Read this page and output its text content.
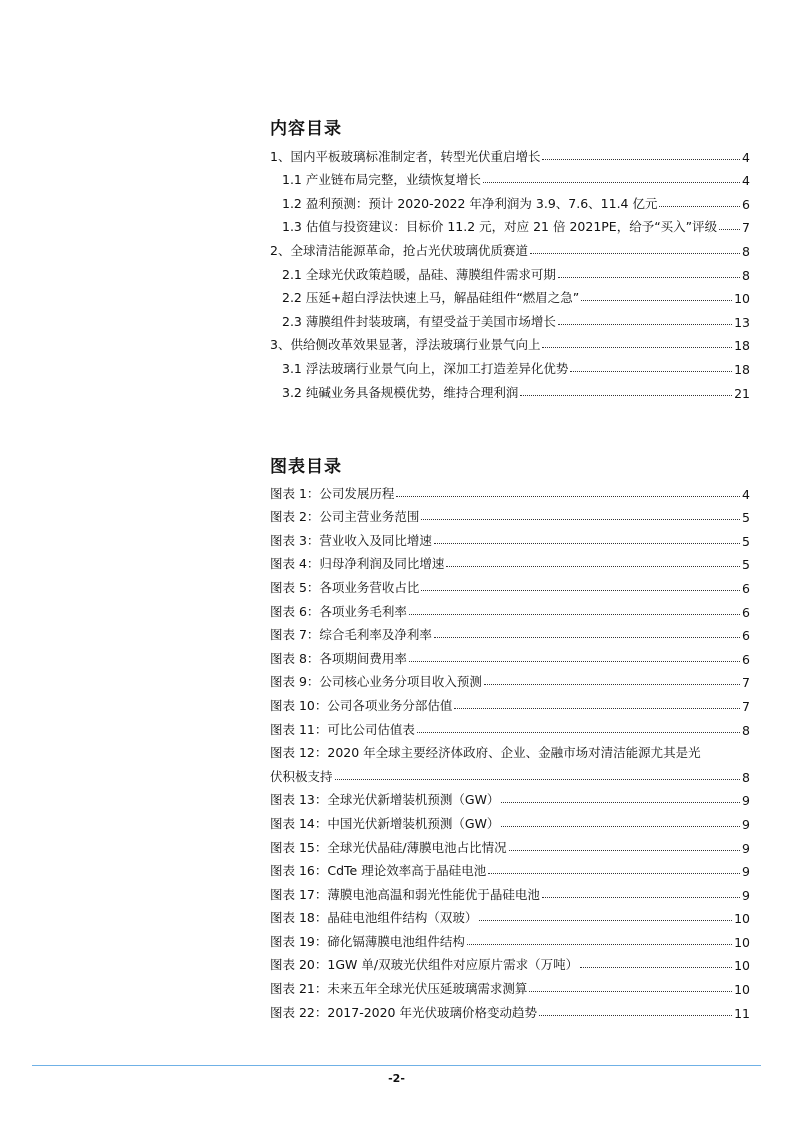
内容目录
1、国内平板玻璃标准制定者，转型光伏重启增长	4
1.1 产业链布局完整，业绩恢复增长	4
1.2 盈利预测：预计 2020-2022 年净利润为 3.9、7.6、11.4 亿元	6
1.3 估值与投资建议：目标价 11.2 元，对应 21 倍 2021PE，给予“买入”评级 7
2、全球清洁能源革命，抢占光伏玻璃优质赛道	8
2.1 全球光伏政策趋暖，晶硅、薄膜组件需求可期	8
2.2 压延+超白浮法快速上马，解晶硅组件“燃眉之急”	10
2.3 薄膜组件封装玻璃，有望受益于美国市场增长	13
3、供给侧改革效果显著，浮法玻璃行业景气向上	18
3.1 浮法玻璃行业景气向上，深加工打造差异化优势	18
3.2 纯碱业务具备规模优势，维持合理利润	21
图表目录
图表 1：公司发展历程	4
图表 2：公司主营业务范围	5
图表 3：营业收入及同比增速	5
图表 4：归母净利润及同比增速	5
图表 5：各项业务营收占比	6
图表 6：各项业务毛利率	6
图表 7：综合毛利率及净利率	6
图表 8：各项期间费用率	6
图表 9：公司核心业务分项目收入预测	7
图表 10：公司各项业务分部估值	7
图表 11：可比公司估值表	8
图表 12：2020 年全球主要经济体政府、企业、金融市场对清洁能源尤其是光
伏积极支持	8
图表 13：全球光伏新增装机预测（GW）	9
图表 14：中国光伏新增装机预测（GW）	9
图表 15：全球光伏晶硅/薄膜电池占比情况	9
图表 16：CdTe 理论效率高于晶硅电池	9
图表 17：薄膜电池高温和弱光性能优于晶硅电池	9
图表 18：晶硅电池组件结构（双玻）	10
图表 19：碲化镉薄膜电池组件结构	10
图表 20：1GW 单/双玻光伏组件对应原片需求（万吨）	10
图表 21：未来五年全球光伏压延玻璃需求测算	10
图表 22：2017-2020 年光伏玻璃价格变动趋势	11
-2-
